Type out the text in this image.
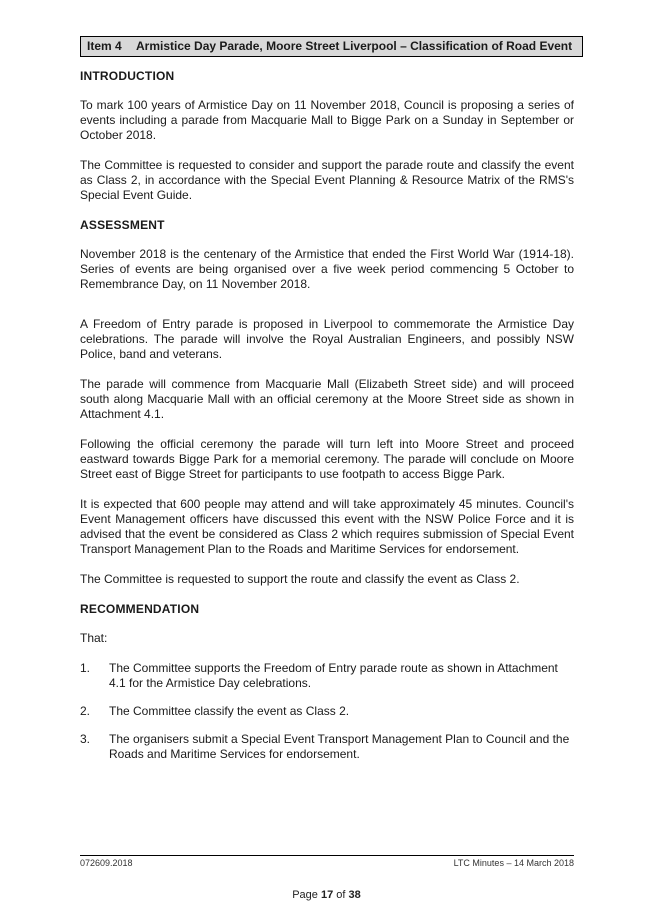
Item 4 Armistice Day Parade, Moore Street Liverpool – Classification of Road Event
INTRODUCTION

To mark 100 years of Armistice Day on 11 November 2018, Council is proposing a series of events including a parade from Macquarie Mall to Bigge Park on a Sunday in September or October 2018.

The Committee is requested to consider and support the parade route and classify the event as Class 2, in accordance with the Special Event Planning & Resource Matrix of the RMS's Special Event Guide.

ASSESSMENT

November 2018 is the centenary of the Armistice that ended the First World War (1914-18). Series of events are being organised over a five week period commencing 5 October to Remembrance Day, on 11 November 2018.

A Freedom of Entry parade is proposed in Liverpool to commemorate the Armistice Day celebrations. The parade will involve the Royal Australian Engineers, and possibly NSW Police, band and veterans.

The parade will commence from Macquarie Mall (Elizabeth Street side) and will proceed south along Macquarie Mall with an official ceremony at the Moore Street side as shown in Attachment 4.1.

Following the official ceremony the parade will turn left into Moore Street and proceed eastward towards Bigge Park for a memorial ceremony. The parade will conclude on Moore Street east of Bigge Street for participants to use footpath to access Bigge Park.

It is expected that 600 people may attend and will take approximately 45 minutes. Council's Event Management officers have discussed this event with the NSW Police Force and it is advised that the event be considered as Class 2 which requires submission of Special Event Transport Management Plan to the Roads and Maritime Services for endorsement.

The Committee is requested to support the route and classify the event as Class 2.

RECOMMENDATION

That:

1. The Committee supports the Freedom of Entry parade route as shown in Attachment 4.1 for the Armistice Day celebrations.
2. The Committee classify the event as Class 2.
3. The organisers submit a Special Event Transport Management Plan to Council and the Roads and Maritime Services for endorsement.
072609.2018	LTC Minutes – 14 March 2018
Page 17 of 38
